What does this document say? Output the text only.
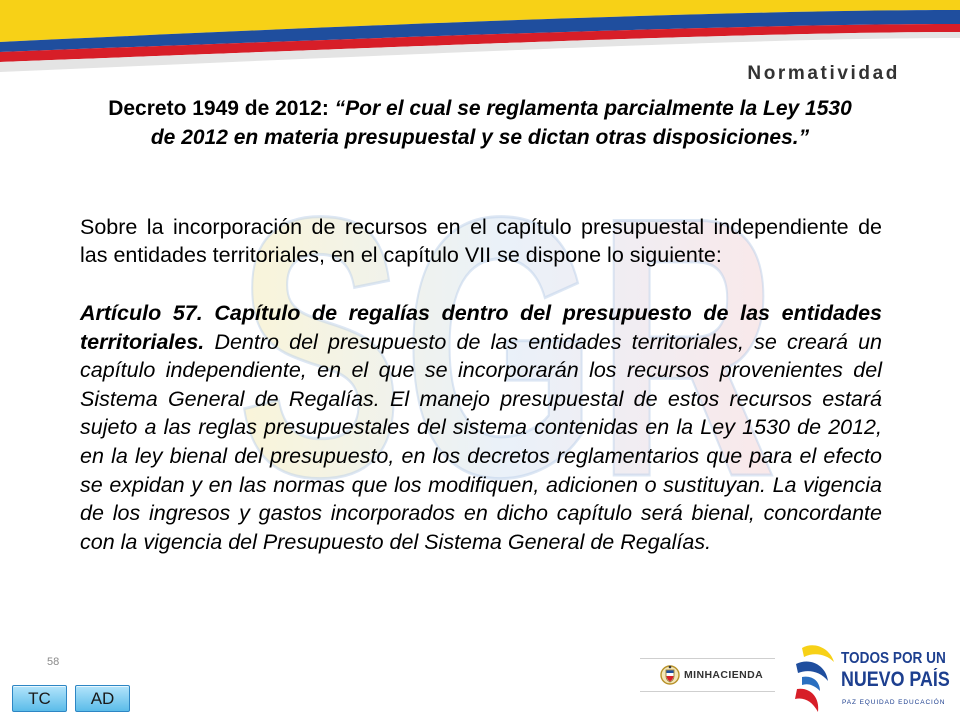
SGR
Normatividad
Decreto 1949 de 2012: “Por el cual se reglamenta parcialmente la Ley 1530
de 2012 en materia presupuestal y se dictan otras disposiciones.”
Sobre la incorporación de recursos en el capítulo presupuestal independiente de
las entidades territoriales, en el capítulo VII se dispone lo siguiente:
Artículo 57. Capítulo de regalías dentro del presupuesto de las entidades
territoriales. Dentro del presupuesto de las entidades territoriales, se creará un
capítulo independiente, en el que se incorporarán los recursos provenientes del
Sistema General de Regalías. El manejo presupuestal de estos recursos estará
sujeto a las reglas presupuestales del sistema contenidas en la Ley 1530 de 2012,
en la ley bienal del presupuesto, en los decretos reglamentarios que para el efecto
se expidan y en las normas que los modifiquen, adicionen o sustituyan. La vigencia
de los ingresos y gastos incorporados en dicho capítulo será bienal, concordante
con la vigencia del Presupuesto del Sistema General de Regalías.
58
TC	AD
MINHACIENDA
TODOS POR UN
NUEVO PAÍS
PAZ EQUIDAD EDUCACIÓN
